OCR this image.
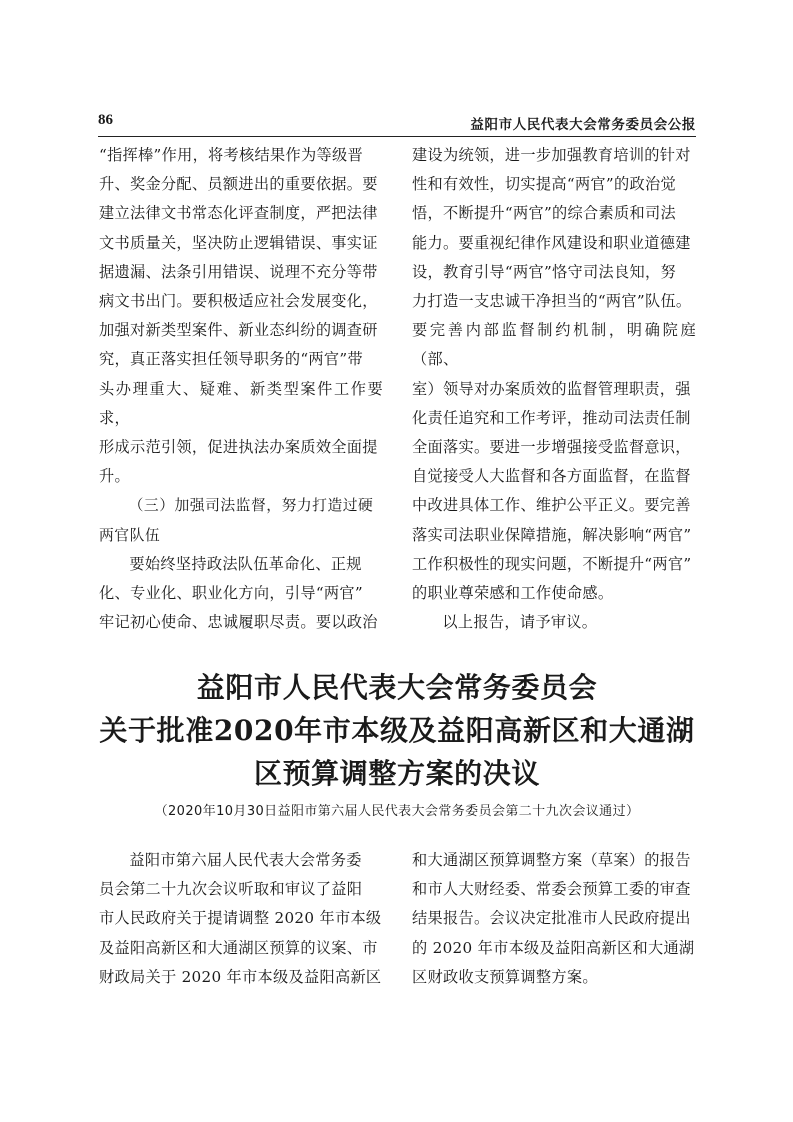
86	益阳市人民代表大会常务委员会公报

“指挥棒”作用，将考核结果作为等级晋

升、奖金分配、员额进出的重要依据。要

建立法律文书常态化评查制度，严把法律

文书质量关，坚决防止逻辑错误、事实证

据遗漏、法条引用错误、说理不充分等带

病文书出门。要积极适应社会发展变化，

加强对新类型案件、新业态纠纷的调查研

究，真正落实担任领导职务的“两官”带

头办理重大、疑难、新类型案件工作要求，

形成示范引领，促进执法办案质效全面提

升。

（三）加强司法监督，努力打造过硬

两官队伍

要始终坚持政法队伍革命化、正规

化、专业化、职业化方向，引导“两官”

牢记初心使命、忠诚履职尽责。要以政治

建设为统领，进一步加强教育培训的针对

性和有效性，切实提高“两官”的政治觉

悟，不断提升“两官”的综合素质和司法

能力。要重视纪律作风建设和职业道德建

设，教育引导“两官”恪守司法良知，努

力打造一支忠诚干净担当的“两官”队伍。

要完善内部监督制约机制，明确院庭（部、

室）领导对办案质效的监督管理职责，强

化责任追究和工作考评，推动司法责任制

全面落实。要进一步增强接受监督意识，

自觉接受人大监督和各方面监督，在监督

中改进具体工作、维护公平正义。要完善

落实司法职业保障措施，解决影响“两官”

工作积极性的现实问题，不断提升“两官”

的职业尊荣感和工作使命感。

以上报告，请予审议。

益阳市人民代表大会常务委员会
关于批准2020年市本级及益阳高新区和大通湖
区预算调整方案的决议
（2020年10月30日益阳市第六届人民代表大会常务委员会第二十九次会议通过）

益阳市第六届人民代表大会常务委

员会第二十九次会议听取和审议了益阳

市人民政府关于提请调整 2020 年市本级

及益阳高新区和大通湖区预算的议案、市

财政局关于 2020 年市本级及益阳高新区

和大通湖区预算调整方案（草案）的报告

和市人大财经委、常委会预算工委的审查

结果报告。会议决定批准市人民政府提出

的 2020 年市本级及益阳高新区和大通湖

区财政收支预算调整方案。
